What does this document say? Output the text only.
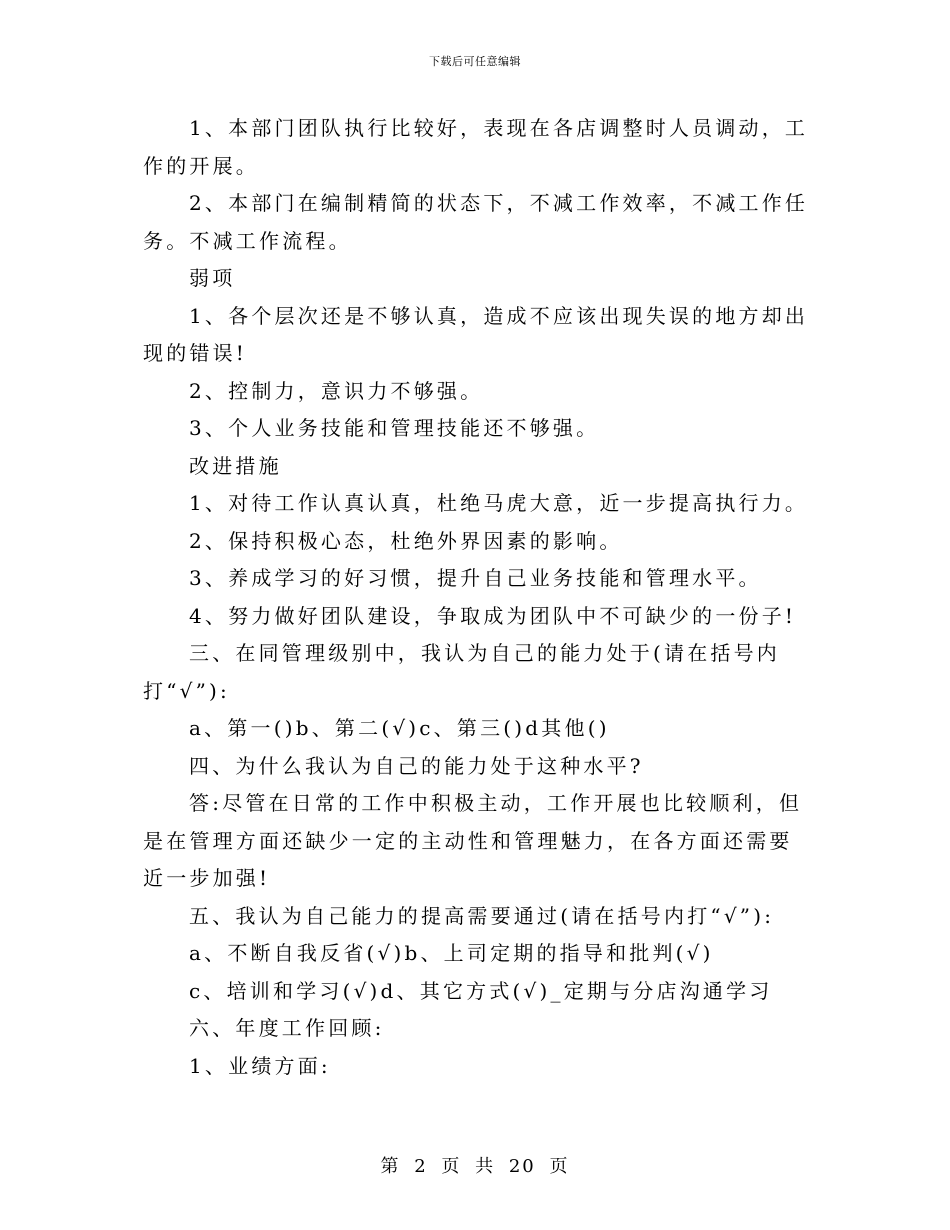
下载后可任意编辑

1、本部门团队执行比较好，表现在各店调整时人员调动，工作的开展。

2、本部门在编制精简的状态下，不减工作效率，不减工作任务。不减工作流程。

弱项

1、各个层次还是不够认真，造成不应该出现失误的地方却出现的错误!

2、控制力，意识力不够强。

3、个人业务技能和管理技能还不够强。

改进措施

1、对待工作认真认真，杜绝马虎大意，近一步提高执行力。

2、保持积极心态，杜绝外界因素的影响。

3、养成学习的好习惯，提升自己业务技能和管理水平。

4、努力做好团队建设，争取成为团队中不可缺少的一份子!

三、在同管理级别中，我认为自己的能力处于(请在括号内打“√”):

a、第一()b、第二(√)c、第三()d其他()

四、为什么我认为自己的能力处于这种水平?

答:尽管在日常的工作中积极主动，工作开展也比较顺利，但是在管理方面还缺少一定的主动性和管理魅力，在各方面还需要近一步加强!

五、我认为自己能力的提高需要通过(请在括号内打“√”):

a、不断自我反省(√)b、上司定期的指导和批判(√)

c、培训和学习(√)d、其它方式(√)_定期与分店沟通学习

六、年度工作回顾:

1、业绩方面:

第 2 页 共 20 页
